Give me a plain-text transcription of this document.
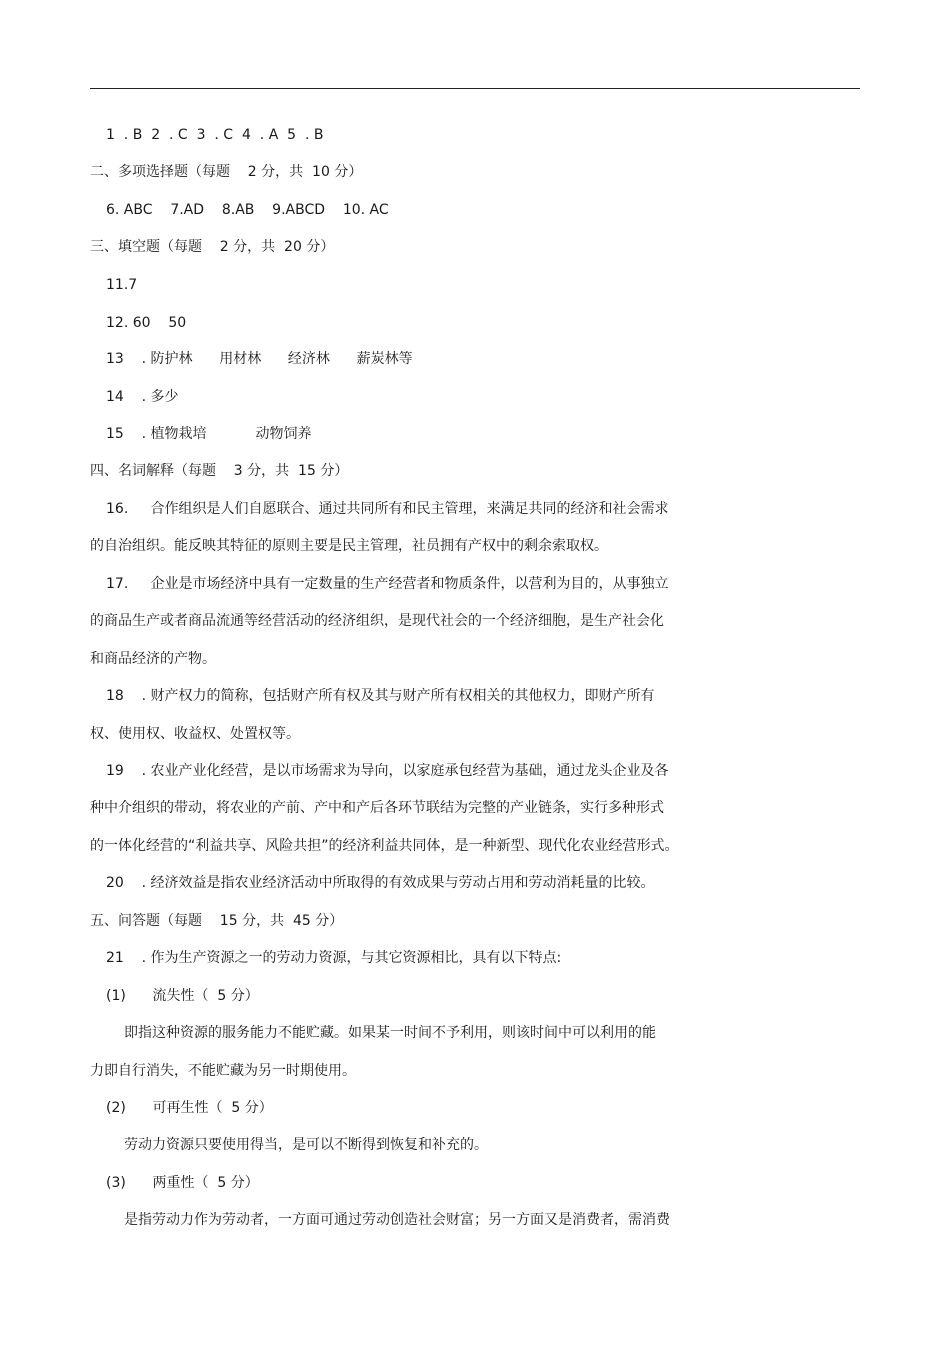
1  . B  2  . C  3  . C  4  . A  5  . B
二、多项选择题（每题    2 分，共  10 分）
6. ABC    7.AD    8.AB    9.ABCD    10. AC
三、填空题（每题    2 分，共  20 分）
11.7
12. 60    50
13    . 防护林      用材林      经济林      薪炭林等
14    . 多少
15    . 植物栽培           动物饲养
四、名词解释（每题    3 分，共  15 分）
16.     合作组织是人们自愿联合、通过共同所有和民主管理，来满足共同的经济和社会需求
的自治组织。能反映其特征的原则主要是民主管理，社员拥有产权中的剩余索取权。
17.     企业是市场经济中具有一定数量的生产经营者和物质条件，以营利为目的，从事独立
的商品生产或者商品流通等经营活动的经济组织，是现代社会的一个经济细胞，是生产社会化
和商品经济的产物。
18    . 财产权力的简称，包括财产所有权及其与财产所有权相关的其他权力，即财产所有
权、使用权、收益权、处置权等。
19    . 农业产业化经营，是以市场需求为导向，以家庭承包经营为基础，通过龙头企业及各
种中介组织的带动，将农业的产前、产中和产后各环节联结为完整的产业链条，实行多种形式
的一体化经营的“利益共享、风险共担”的经济利益共同体，是一种新型、现代化农业经营形式。
20    . 经济效益是指农业经济活动中所取得的有效成果与劳动占用和劳动消耗量的比较。
五、问答题（每题    15 分，共  45 分）
21    . 作为生产资源之一的劳动力资源，与其它资源相比，具有以下特点:
(1)      流失性（  5 分）
即指这种资源的服务能力不能贮藏。如果某一时间不予利用，则该时间中可以利用的能
力即自行消失，不能贮藏为另一时期使用。
(2)      可再生性（  5 分）
劳动力资源只要使用得当，是可以不断得到恢复和补充的。
(3)      两重性（  5 分）
是指劳动力作为劳动者，一方面可通过劳动创造社会财富；另一方面又是消费者，需消费
